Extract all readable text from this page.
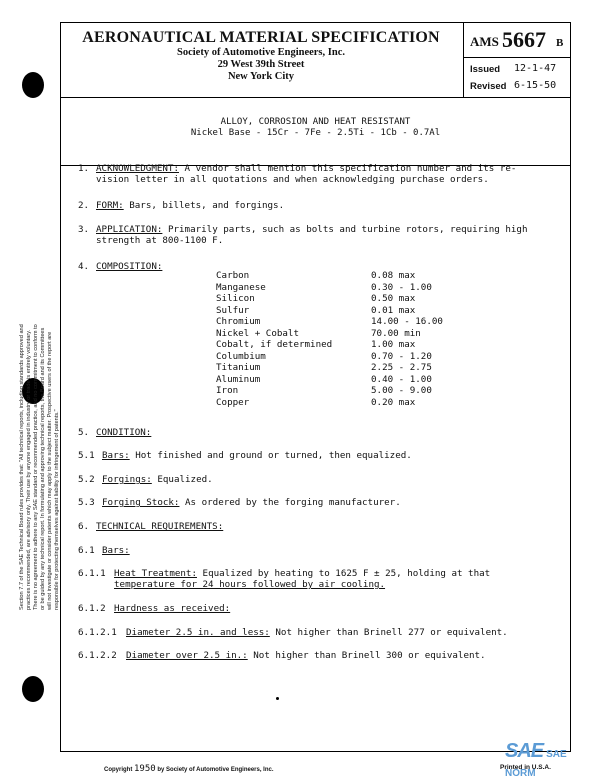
Section 7.7 of the SAE Technical Board rules provides that: "All technical reports, including standards approved and practices recommended, are advisory only. Their use by anyone engaged in industry or trade is entirely voluntary. There is no agreement to adhere to any SAE standard or recommended practice, and no commitment to conform to or be guided by any technical report. In formulating and approving technical reports, the Board and its Committees will not investigate or consider patents which may apply to the subject matter. Prospective users of the report are responsible for protecting themselves against liability for infringement of patents."
AERONAUTICAL MATERIAL SPECIFICATION
Society of Automotive Engineers, Inc.
29 West 39th Street
New York City
AMS 5667 B
Issued 12-1-47
Revised 6-15-50
ALLOY, CORROSION AND HEAT RESISTANT
Nickel Base - 15Cr - 7Fe - 2.5Ti - 1Cb - 0.7Al
1. ACKNOWLEDGMENT: A vendor shall mention this specification number and its re-
vision letter in all quotations and when acknowledging purchase orders.
2. FORM: Bars, billets, and forgings.
3. APPLICATION: Primarily parts, such as bolts and turbine rotors, requiring high
strength at 800-1100 F.
4. COMPOSITION:
5. CONDITION:
5.1 Bars: Hot finished and ground or turned, then equalized.
5.2 Forgings: Equalized.
5.3 Forging Stock: As ordered by the forging manufacturer.
6. TECHNICAL REQUIREMENTS:
6.1 Bars:
6.1.1 Heat Treatment: Equalized by heating to 1625 F ± 25, holding at that
temperature for 24 hours followed by air cooling.
6.1.2 Hardness as received:
6.1.2.1 Diameter 2.5 in. and less: Not higher than Brinell 277 or equivalent.
6.1.2.2 Diameter over 2.5 in.: Not higher than Brinell 300 or equivalent.
Carbon	0.08 max
Manganese	0.30 - 1.00
Silicon	0.50 max
Sulfur	0.01 max
Chromium	14.00 - 16.00
Nickel + Cobalt	70.00 min
Cobalt, if determined	1.00 max
Columbium	0.70 - 1.20
Titanium	2.25 - 2.75
Aluminum	0.40 - 1.00
Iron	5.00 - 9.00
Copper	0.20 max
SAE SAE NORM
Copyright 1950 by Society of Automotive Engineers, Inc.	Printed in U.S.A.
